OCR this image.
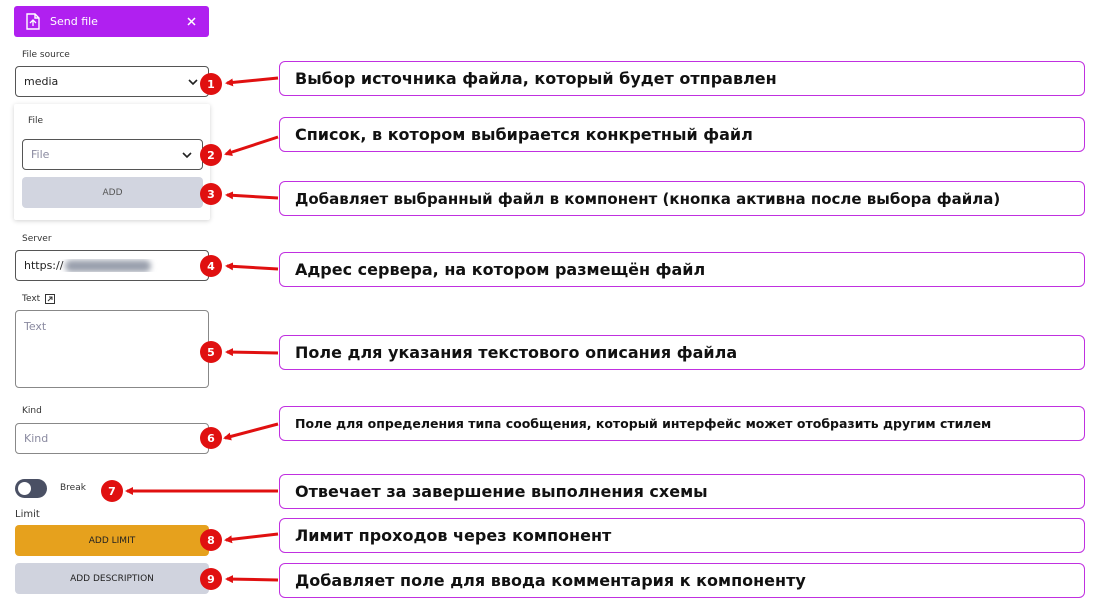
Send file
File source
media
File
File
ADD
Server
https://
Text
Text
Kind
Kind
Break
Limit
ADD LIMIT
ADD DESCRIPTION
1
2
3
4
5
6
7
8
9
Выбор источника файла, который будет отправлен
Список, в котором выбирается конкретный файл
Добавляет выбранный файл в компонент (кнопка активна после выбора файла)
Адрес сервера, на котором размещён файл
Поле для указания текстового описания файла
Поле для определения типа сообщения, который интерфейс может отобразить другим стилем
Отвечает за завершение выполнения схемы
Лимит проходов через компонент
Добавляет поле для ввода комментария к компоненту
